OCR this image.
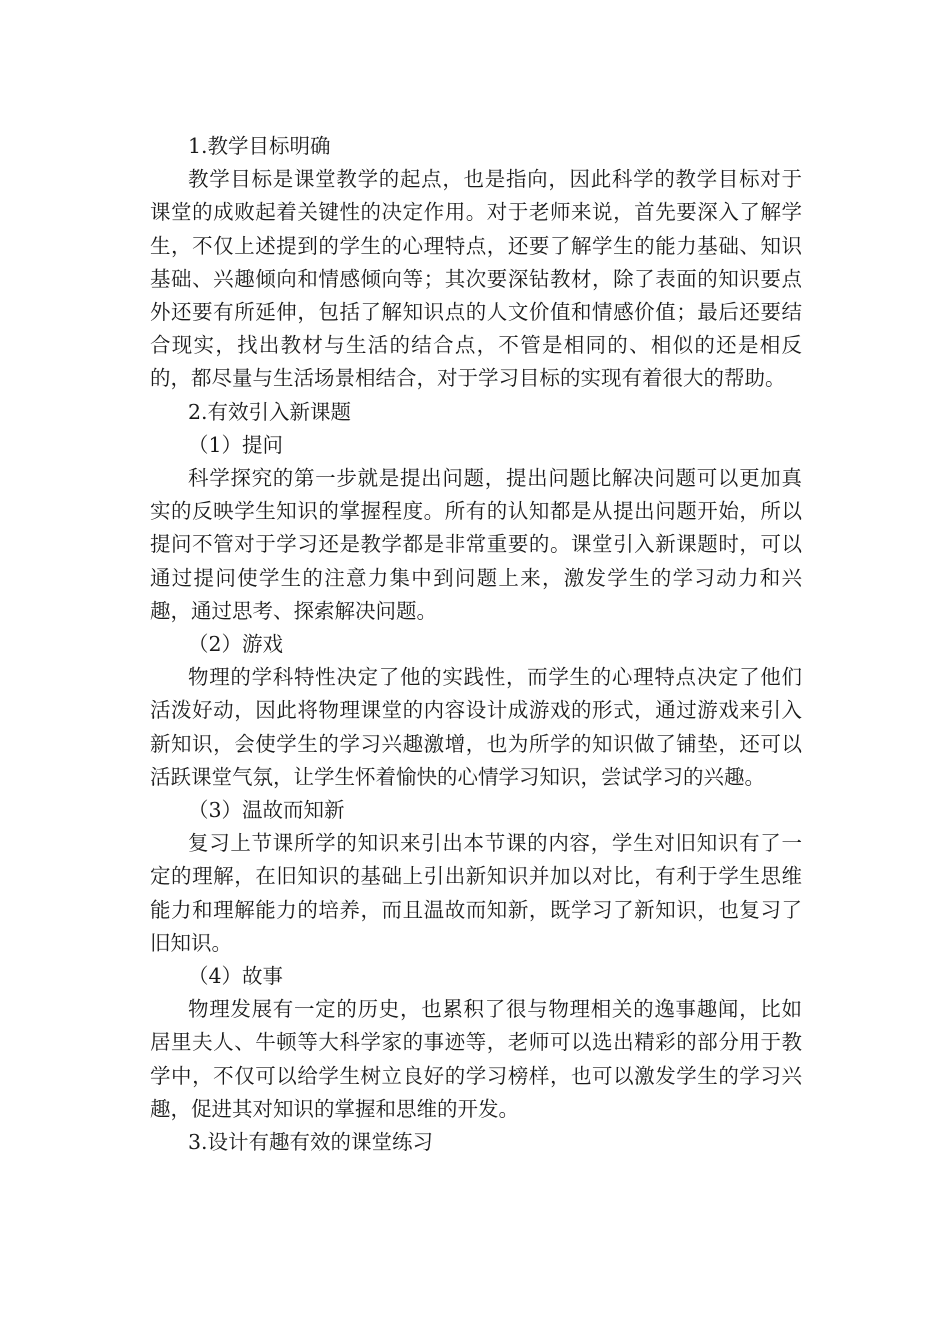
1.教学目标明确

教学目标是课堂教学的起点，也是指向，因此科学的教学目标对于课堂的成败起着关键性的决定作用。对于老师来说，首先要深入了解学生，不仅上述提到的学生的心理特点，还要了解学生的能力基础、知识基础、兴趣倾向和情感倾向等；其次要深钻教材，除了表面的知识要点外还要有所延伸，包括了解知识点的人文价值和情感价值；最后还要结合现实，找出教材与生活的结合点，不管是相同的、相似的还是相反的，都尽量与生活场景相结合，对于学习目标的实现有着很大的帮助。

2.有效引入新课题

（1）提问

科学探究的第一步就是提出问题，提出问题比解决问题可以更加真实的反映学生知识的掌握程度。所有的认知都是从提出问题开始，所以提问不管对于学习还是教学都是非常重要的。课堂引入新课题时，可以通过提问使学生的注意力集中到问题上来，激发学生的学习动力和兴趣，通过思考、探索解决问题。

（2）游戏

物理的学科特性决定了他的实践性，而学生的心理特点决定了他们活泼好动，因此将物理课堂的内容设计成游戏的形式，通过游戏来引入新知识，会使学生的学习兴趣激增，也为所学的知识做了铺垫，还可以活跃课堂气氛，让学生怀着愉快的心情学习知识，尝试学习的兴趣。

（3）温故而知新

复习上节课所学的知识来引出本节课的内容，学生对旧知识有了一定的理解，在旧知识的基础上引出新知识并加以对比，有利于学生思维能力和理解能力的培养，而且温故而知新，既学习了新知识，也复习了旧知识。

（4）故事

物理发展有一定的历史，也累积了很与物理相关的逸事趣闻，比如居里夫人、牛顿等大科学家的事迹等，老师可以选出精彩的部分用于教学中，不仅可以给学生树立良好的学习榜样，也可以激发学生的学习兴趣，促进其对知识的掌握和思维的开发。

3.设计有趣有效的课堂练习
